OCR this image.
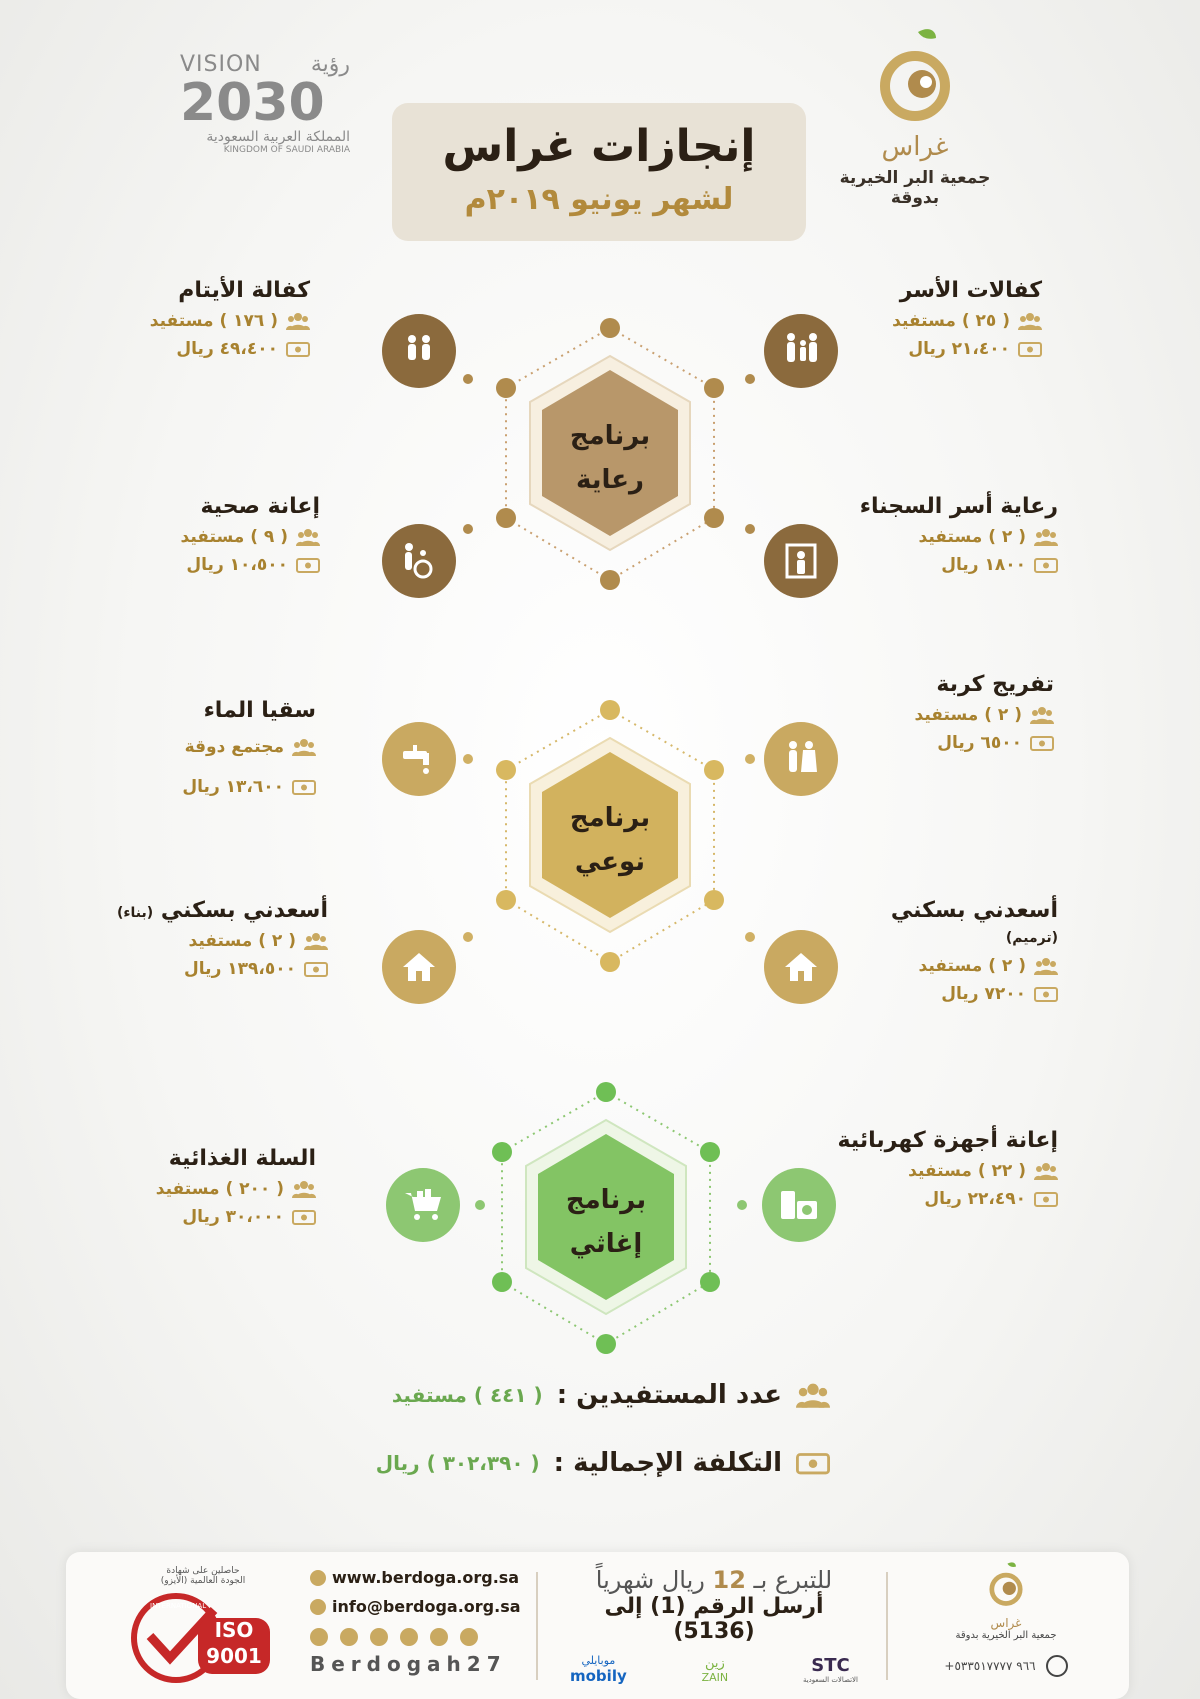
VISION رؤية
2030
المملكة العربية السعودية
KINGDOM OF SAUDI ARABIA	إنجازات غراس
لشهر يونيو ٢٠١٩م
غراس
جمعية البر الخيرية بدوقة
برنامج
رعاية
برنامج
نوعي
برنامج
إغاثي
كفالة الأيتام
( ١٧٦ ) مستفيد
٤٩،٤٠٠ ريال
إعانة صحية
( ٩ ) مستفيد
١٠،٥٠٠ ريال
سقيا الماء
مجتمع دوقة
١٣،٦٠٠ ريال
أسعدني بسكني (بناء)
( ٢ ) مستفيد
١٣٩،٥٠٠ ريال
السلة الغذائية
( ٢٠٠ ) مستفيد
٣٠،٠٠٠ ريال
كفالات الأسر
( ٢٥ ) مستفيد
٢١،٤٠٠ ريال
رعاية أسر السجناء
( ٢ ) مستفيد
١٨٠٠ ريال
تفريج كربة
( ٢ ) مستفيد
٦٥٠٠ ريال
أسعدني بسكني (ترميم)
( ٢ ) مستفيد
٧٢٠٠ ريال
إعانة أجهزة كهربائية
( ٢٢ ) مستفيد
٢٢،٤٩٠ ريال
عدد المستفيدين :
( ٤٤١ ) مستفيد
التكلفة الإجمالية :
( ٣٠٢،٣٩٠ ) ريال
حاصلين على شهادة
الجودة العالمية (الأيزو)
INTERNATIONAL
ISO
9001
www.berdoga.org.sa
info@berdoga.org.sa
Berdogah27
للتبرع بـ 12 ريال شهرياً
أرسل الرقم (1) إلى (5136)
موبايلي
mobily
زين
ZAIN
STC
الاتصالات السعودية
غراس
جمعية البر الخيرية بدوقة
+٩٦٦ ٥٣٣٥١٧٧٧٧
